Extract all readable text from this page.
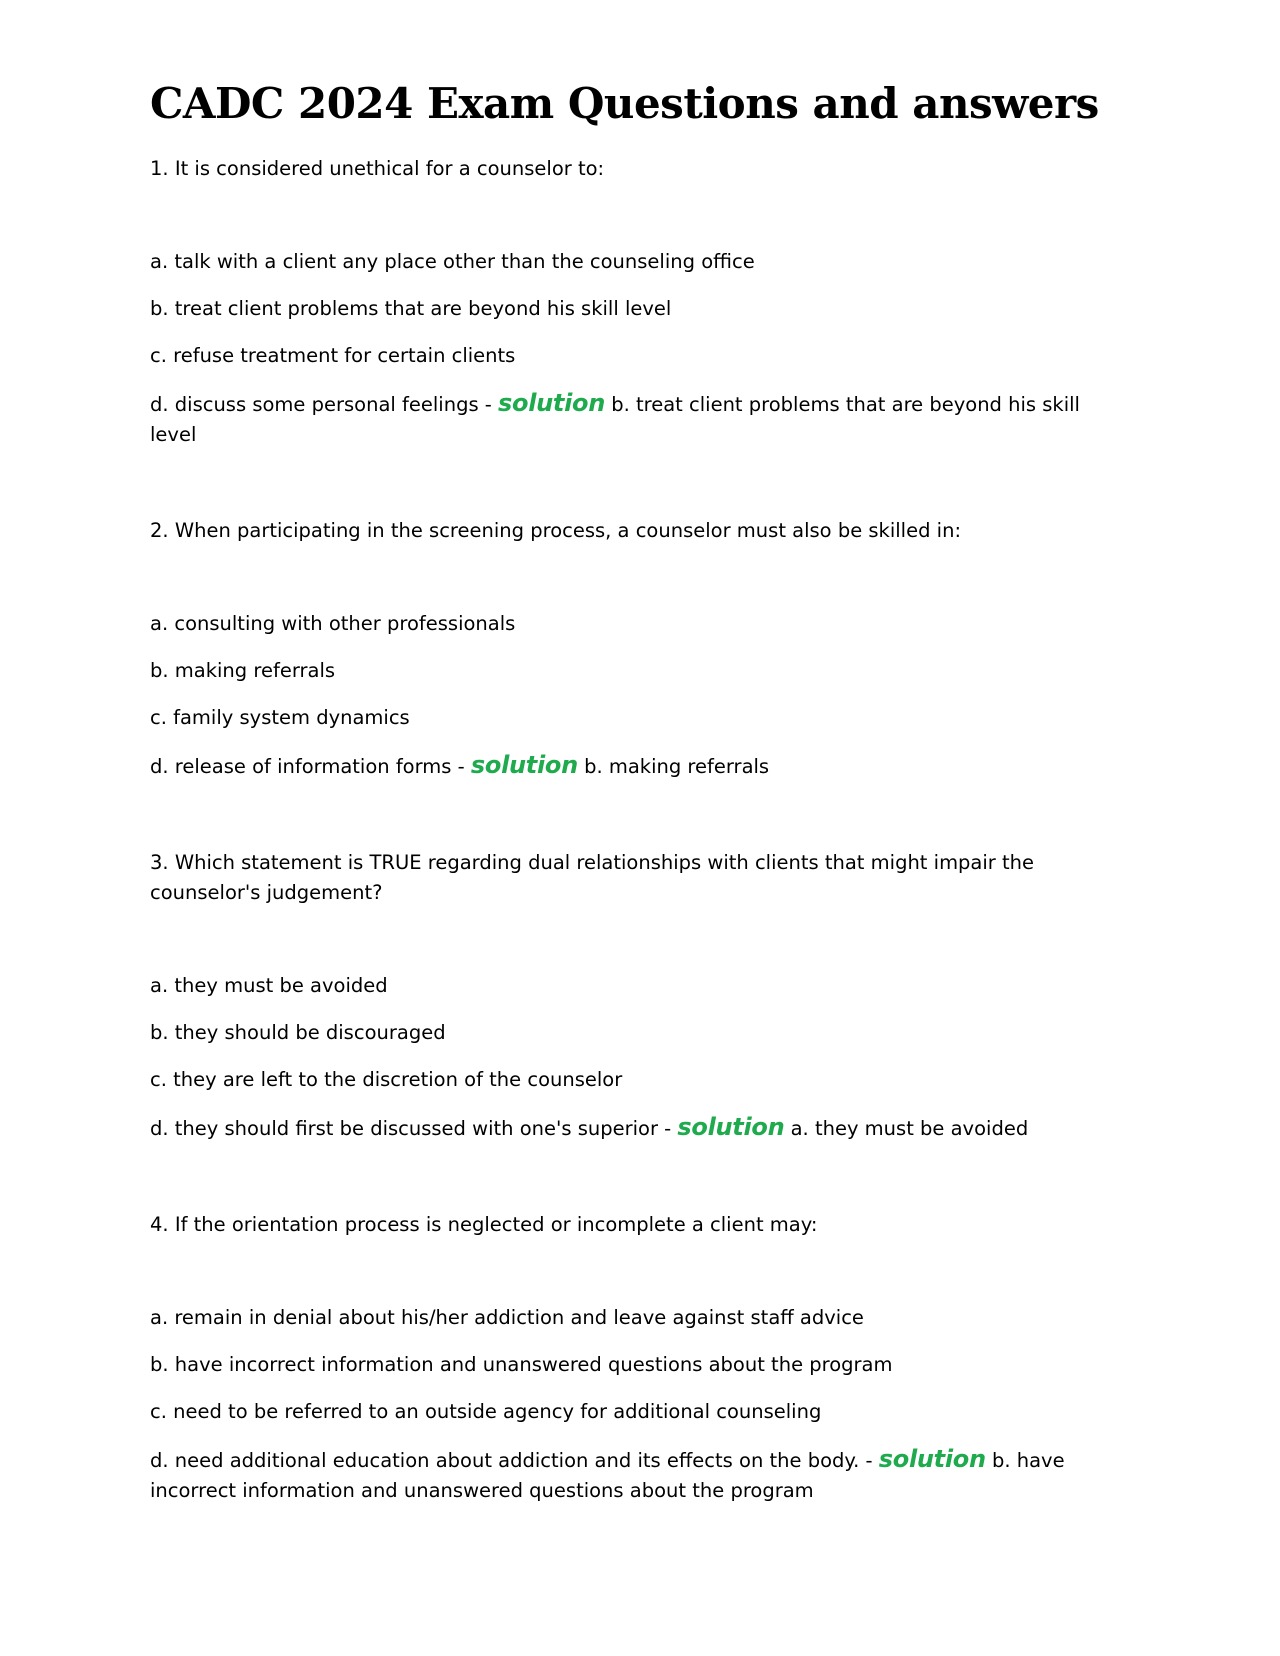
CADC 2024 Exam Questions and answers

1. It is considered unethical for a counselor to:

a. talk with a client any place other than the counseling office

b. treat client problems that are beyond his skill level

c. refuse treatment for certain clients

d. discuss some personal feelings - solution b. treat client problems that are beyond his skill level

2. When participating in the screening process, a counselor must also be skilled in:

a. consulting with other professionals

b. making referrals

c. family system dynamics

d. release of information forms - solution b. making referrals

3. Which statement is TRUE regarding dual relationships with clients that might impair the counselor's judgement?

a. they must be avoided

b. they should be discouraged

c. they are left to the discretion of the counselor

d. they should first be discussed with one's superior - solution a. they must be avoided

4. If the orientation process is neglected or incomplete a client may:

a. remain in denial about his/her addiction and leave against staff advice

b. have incorrect information and unanswered questions about the program

c. need to be referred to an outside agency for additional counseling

d. need additional education about addiction and its effects on the body. - solution b. have incorrect information and unanswered questions about the program
